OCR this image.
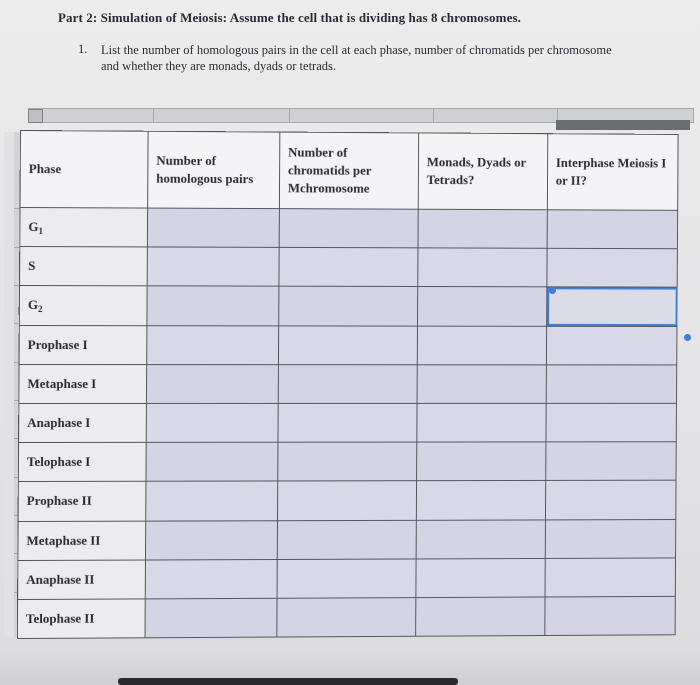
Part 2: Simulation of Meiosis: Assume the cell that is dividing has 8 chromosomes.
1. List the number of homologous pairs in the cell at each phase, number of chromatids per chromosome and whether they are monads, dyads or tetrads.
Phase	Number of homologous pairs	Number of chromatids per Mchromosome	Monads, Dyads or Tetrads?	Interphase Meiosis I or II?
$G_1$				
S				
$G_2$				
Prophase I				
Metaphase I				
Anaphase I				
Telophase I				
Prophase II				
Metaphase II				
Anaphase II				
Telophase II				
